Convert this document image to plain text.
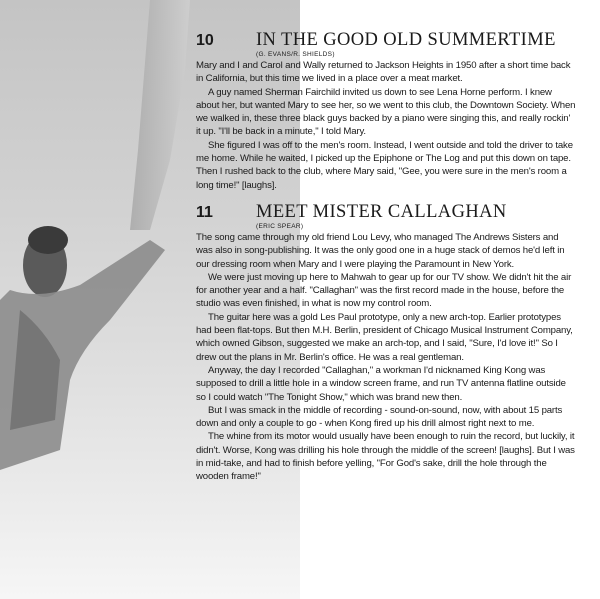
10	IN THE GOOD OLD SUMMERTIME
(G. EVANS/R. SHIELDS)

Mary and I and Carol and Wally returned to Jackson Heights in 1950 after a short time back in California, but this time we lived in a place over a meat market.

A guy named Sherman Fairchild invited us down to see Lena Horne perform. I knew about her, but wanted Mary to see her, so we went to this club, the Downtown Society. When we walked in, these three black guys backed by a piano were singing this, and really rockin' it up. "I'll be back in a minute," I told Mary.

She figured I was off to the men's room. Instead, I went outside and told the driver to take me home. While he waited, I picked up the Epiphone or The Log and put this down on tape. Then I rushed back to the club, where Mary said, "Gee, you were sure in the men's room a long time!" [laughs].

11	MEET MISTER CALLAGHAN
(ERIC SPEAR)

The song came through my old friend Lou Levy, who managed The Andrews Sisters and was also in song-publishing. It was the only good one in a huge stack of demos he'd left in our dressing room when Mary and I were playing the Paramount in New York.

We were just moving up here to Mahwah to gear up for our TV show. We didn't hit the air for another year and a half. "Callaghan" was the first record made in the house, before the studio was even finished, in what is now my control room.

The guitar here was a gold Les Paul prototype, only a new arch-top. Earlier prototypes had been flat-tops. But then M.H. Berlin, president of Chicago Musical Instrument Company, which owned Gibson, suggested we make an arch-top, and I said, "Sure, I'd love it!" So I drew out the plans in Mr. Berlin's office. He was a real gentleman.

Anyway, the day I recorded "Callaghan," a workman I'd nicknamed King Kong was supposed to drill a little hole in a window screen frame, and run TV antenna flatline outside so I could watch "The Tonight Show," which was brand new then.

But I was smack in the middle of recording - sound-on-sound, now, with about 15 parts down and only a couple to go - when Kong fired up his drill almost right next to me.

The whine from its motor would usually have been enough to ruin the record, but luckily, it didn't. Worse, Kong was drilling his hole through the middle of the screen! [laughs]. But I was in mid-take, and had to finish before yelling, "For God's sake, drill the hole through the wooden frame!"
